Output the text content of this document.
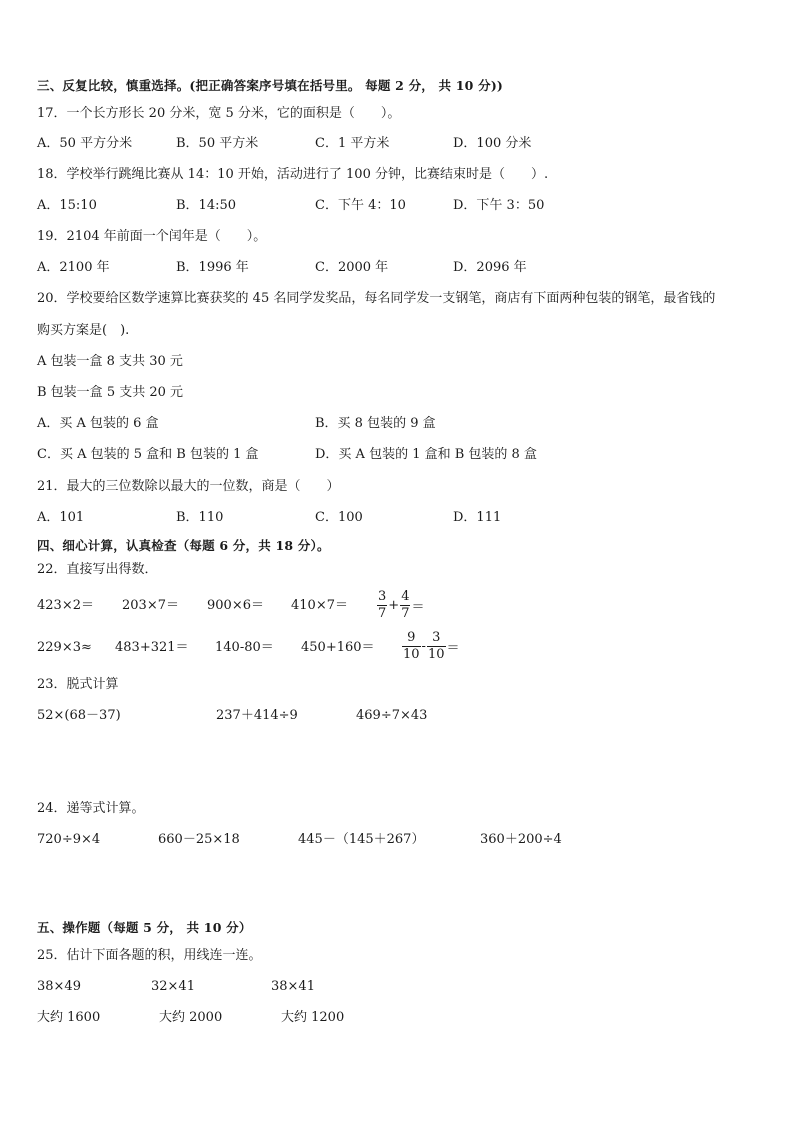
三、反复比较，慎重选择。(把正确答案序号填在括号里。 每题 2 分， 共 10 分))
17．一个长方形长 20 分米，宽 5 分米，它的面积是（　　）。
A．50 平方分米	B．50 平方米	C．1 平方米	D．100 分米
18．学校举行跳绳比赛从 14：10 开始，活动进行了 100 分钟，比赛结束时是（　　）.
A．15:10	B．14:50	C．下午 4：10	D．下午 3：50
19．2104 年前面一个闰年是（　　）。
A．2100 年	B．1996 年	C．2000 年	D．2096 年
20．学校要给区数学速算比赛获奖的 45 名同学发奖品，每名同学发一支钢笔，商店有下面两种包装的钢笔，最省钱的
购买方案是(　).
A 包装一盒 8 支共 30 元
B 包装一盒 5 支共 20 元
A．买 A 包装的 6 盒	B．买 8 包装的 9 盒
C．买 A 包装的 5 盒和 B 包装的 1 盒	D．买 A 包装的 1 盒和 B 包装的 8 盒
21．最大的三位数除以最大的一位数，商是（　　）
A．101	B．110	C．100	D．111
四、细心计算，认真检查（每题 6 分，共 18 分）。
22．直接写出得数．
$423\times 2= 203\times 7= 900\times 6= 410\times 7= \frac{3}{7} + \frac{4}{7}$ ＝
$229\times 3\approx 483+321= 140-80= 450+160= \frac{9}{10} - \frac{3}{10}$ ＝
23．脱式计算
52×(68－37)	237＋414÷9	469÷7×43
24．递等式计算。
720÷9×4	660－25×18	445－（145＋267）	360＋200÷4
五、操作题（每题 5 分， 共 10 分）
25．估计下面各题的积，用线连一连。
38×49	32×41	38×41
大约 1600	大约 2000	大约 1200
